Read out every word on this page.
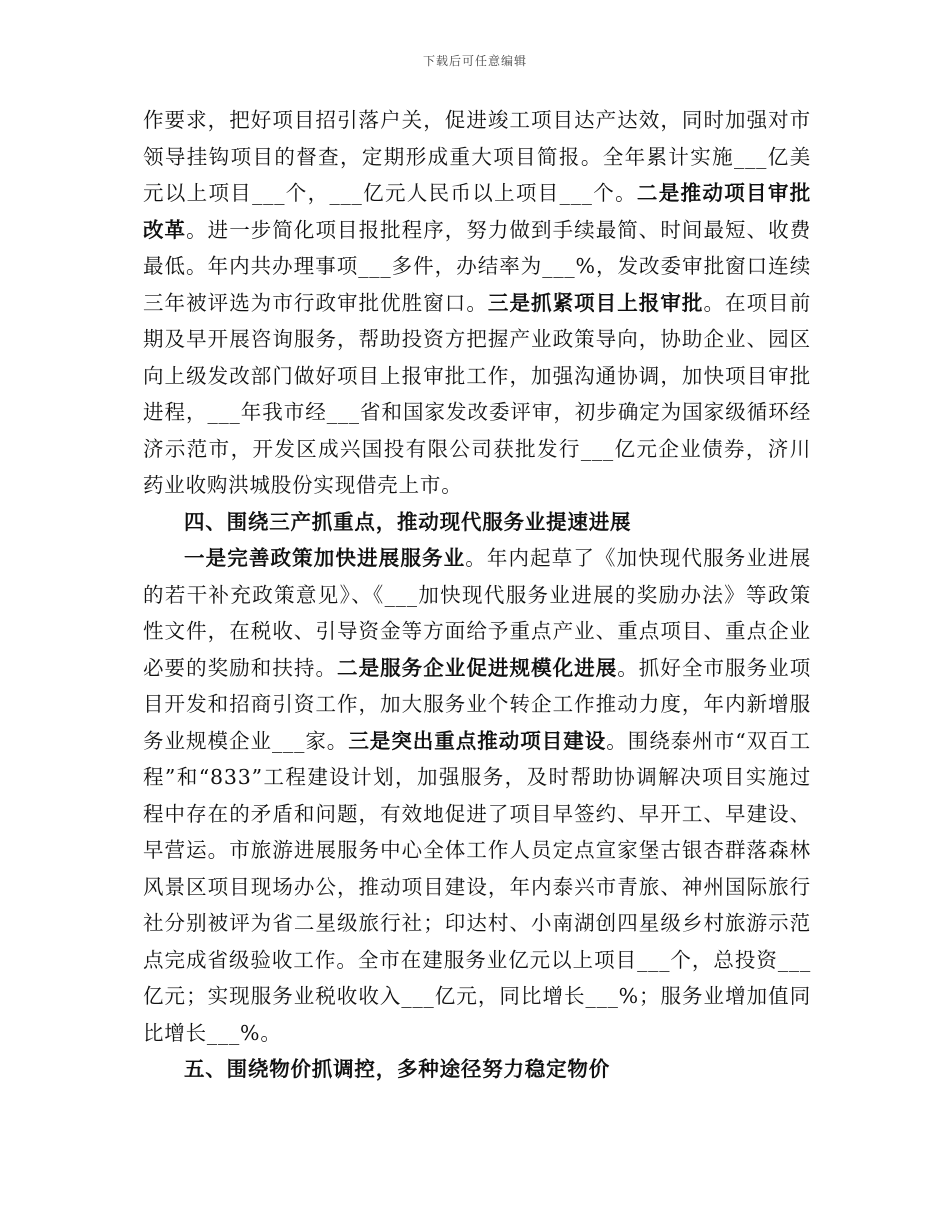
下载后可任意编辑

作要求，把好项目招引落户关，促进竣工项目达产达效，同时加强对市领导挂钩项目的督查，定期形成重大项目简报。全年累计实施___亿美元以上项目___个，___亿元人民币以上项目___个。二是推动项目审批改革。进一步简化项目报批程序，努力做到手续最简、时间最短、收费最低。年内共办理事项___多件，办结率为___%，发改委审批窗口连续三年被评选为市行政审批优胜窗口。三是抓紧项目上报审批。在项目前期及早开展咨询服务，帮助投资方把握产业政策导向，协助企业、园区向上级发改部门做好项目上报审批工作，加强沟通协调，加快项目审批进程，___年我市经___省和国家发改委评审，初步确定为国家级循环经济示范市，开发区成兴国投有限公司获批发行___亿元企业债券，济川药业收购洪城股份实现借壳上市。

四、围绕三产抓重点，推动现代服务业提速进展

一是完善政策加快进展服务业。年内起草了《加快现代服务业进展的若干补充政策意见》、《___加快现代服务业进展的奖励办法》等政策性文件，在税收、引导资金等方面给予重点产业、重点项目、重点企业必要的奖励和扶持。二是服务企业促进规模化进展。抓好全市服务业项目开发和招商引资工作，加大服务业个转企工作推动力度，年内新增服务业规模企业___家。三是突出重点推动项目建设。围绕泰州市“双百工程”和“833”工程建设计划，加强服务，及时帮助协调解决项目实施过程中存在的矛盾和问题，有效地促进了项目早签约、早开工、早建设、早营运。市旅游进展服务中心全体工作人员定点宣家堡古银杏群落森林风景区项目现场办公，推动项目建设，年内泰兴市青旅、神州国际旅行社分别被评为省二星级旅行社；印达村、小南湖创四星级乡村旅游示范点完成省级验收工作。全市在建服务业亿元以上项目___个，总投资___亿元；实现服务业税收收入___亿元，同比增长___%；服务业增加值同比增长___%。

五、围绕物价抓调控，多种途径努力稳定物价
